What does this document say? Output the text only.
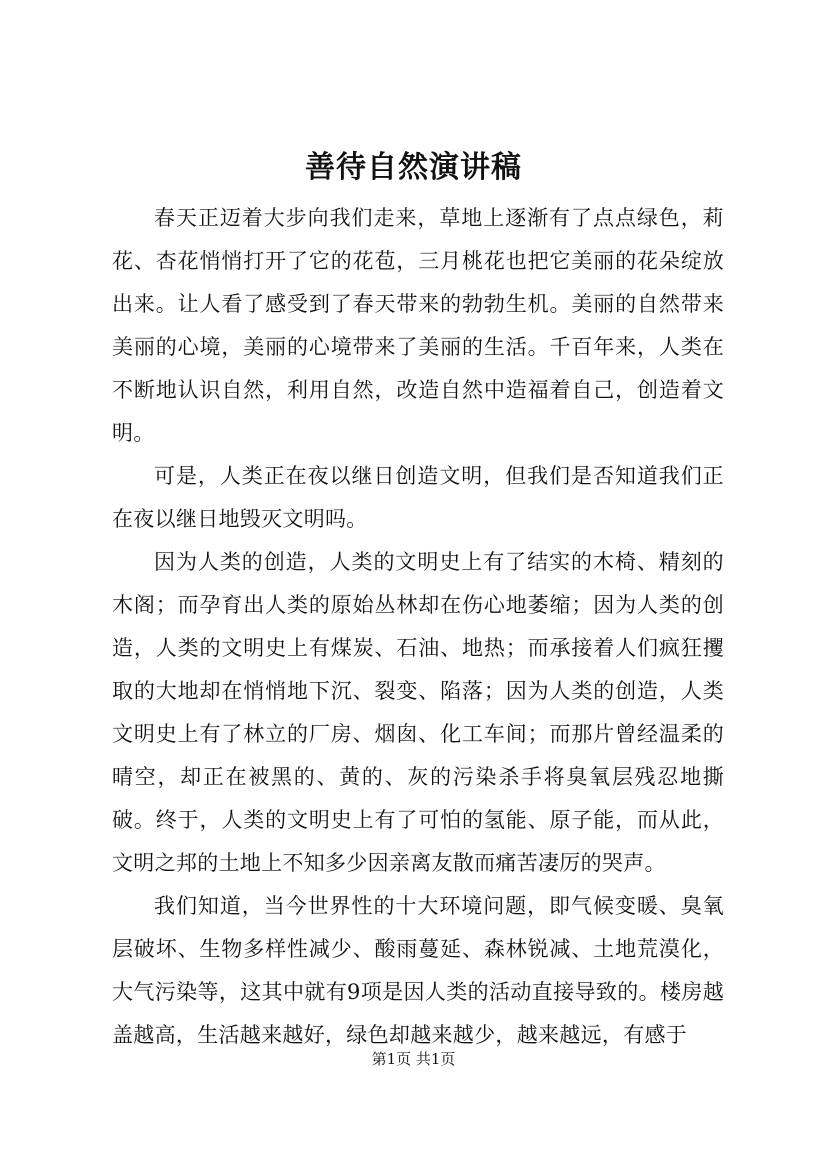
善待自然演讲稿

春天正迈着大步向我们走来，草地上逐渐有了点点绿色，莉花、杏花悄悄打开了它的花苞，三月桃花也把它美丽的花朵绽放出来。让人看了感受到了春天带来的勃勃生机。美丽的自然带来美丽的心境，美丽的心境带来了美丽的生活。千百年来，人类在不断地认识自然，利用自然，改造自然中造福着自己，创造着文明。

可是，人类正在夜以继日创造文明，但我们是否知道我们正在夜以继日地毁灭文明吗。

因为人类的创造，人类的文明史上有了结实的木椅、精刻的木阁；而孕育出人类的原始丛林却在伤心地萎缩；因为人类的创造，人类的文明史上有煤炭、石油、地热；而承接着人们疯狂攫取的大地却在悄悄地下沉、裂变、陷落；因为人类的创造，人类文明史上有了林立的厂房、烟囱、化工车间；而那片曾经温柔的晴空，却正在被黑的、黄的、灰的污染杀手将臭氧层残忍地撕破。终于，人类的文明史上有了可怕的氢能、原子能，而从此，文明之邦的土地上不知多少因亲离友散而痛苦凄厉的哭声。

我们知道，当今世界性的十大环境问题，即气候变暖、臭氧层破坏、生物多样性减少、酸雨蔓延、森林锐减、土地荒漠化，大气污染等，这其中就有9项是因人类的活动直接导致的。楼房越盖越高，生活越来越好，绿色却越来越少，越来越远，有感于

第1页 共1页
